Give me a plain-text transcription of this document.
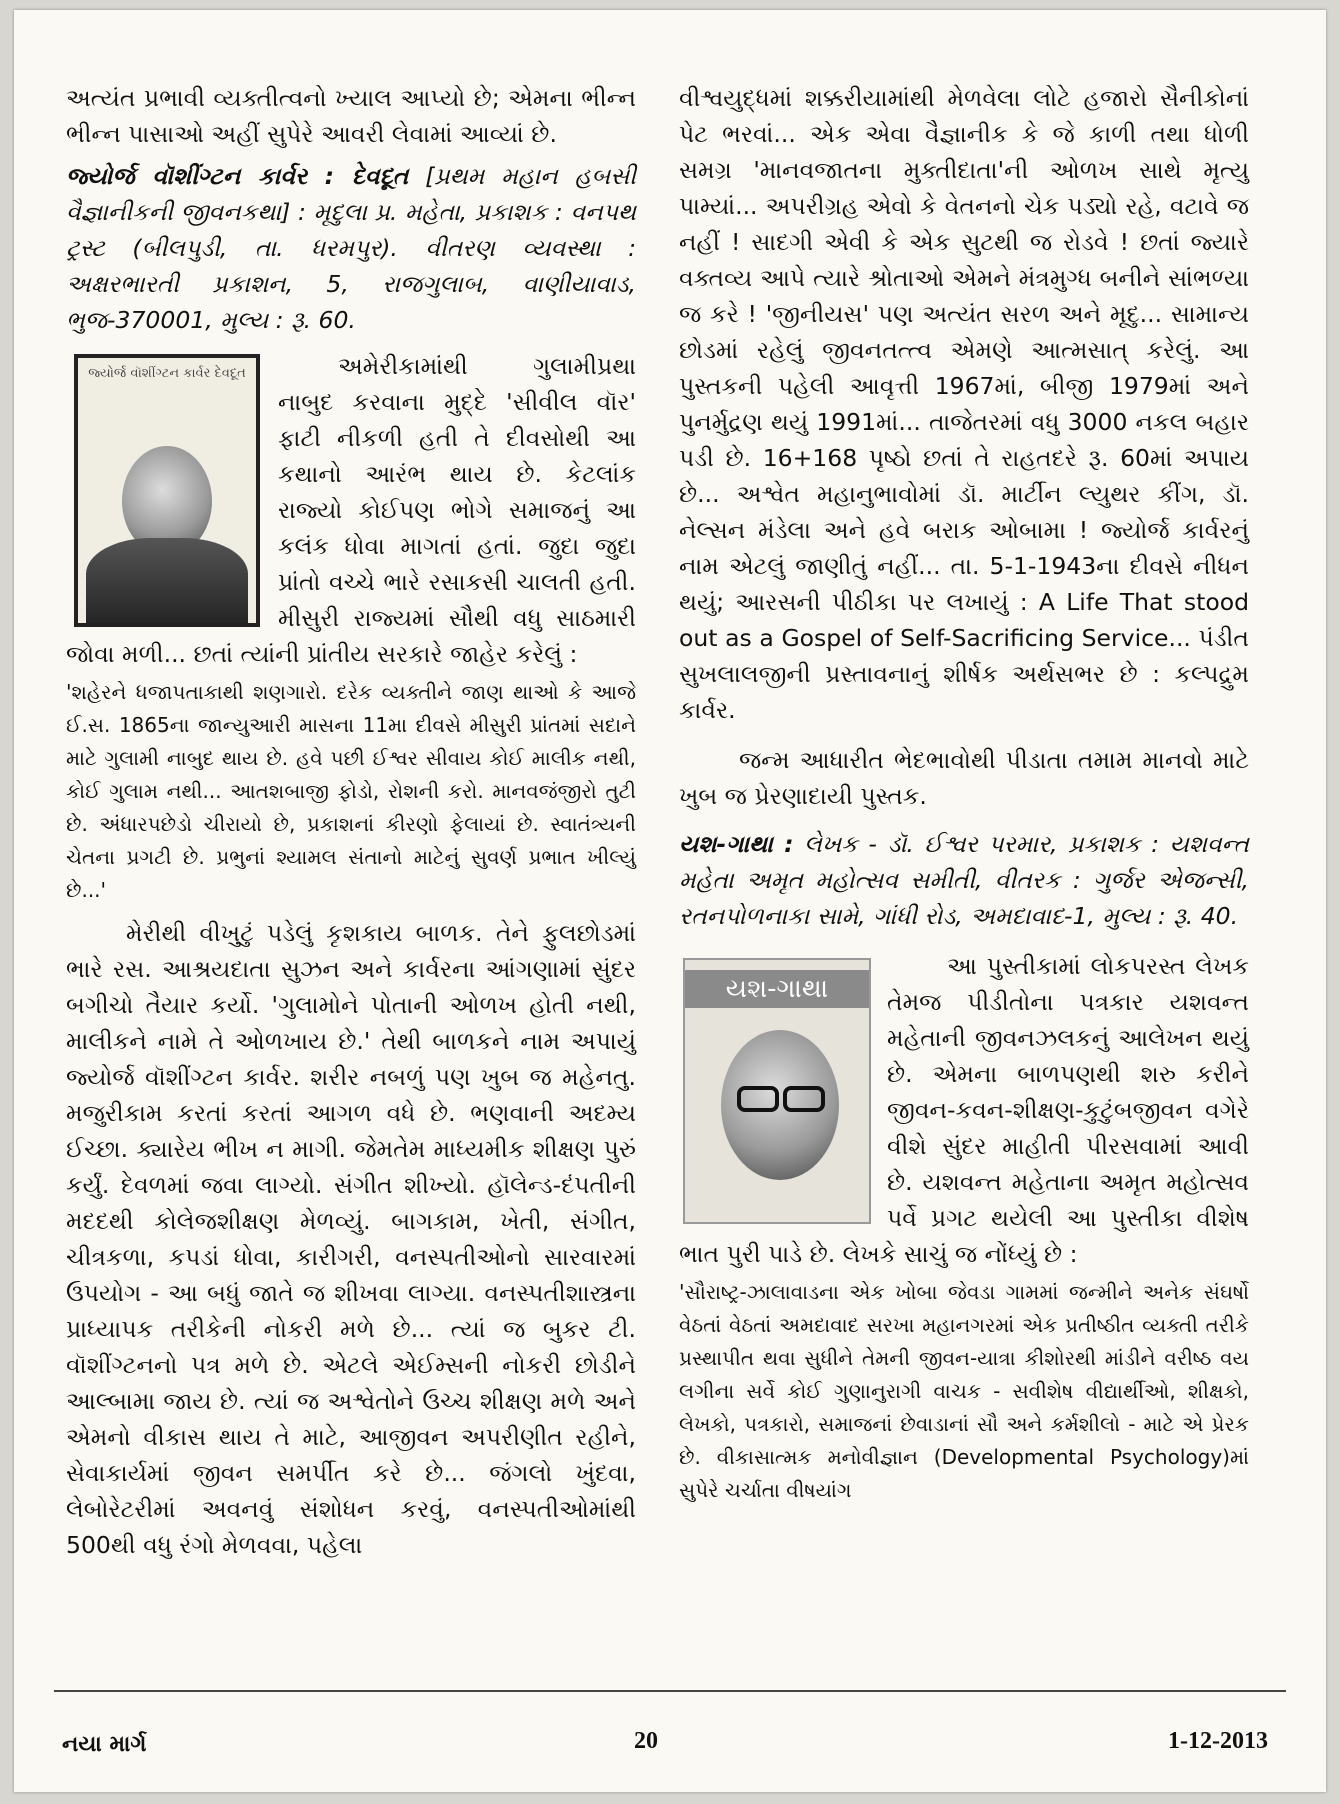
અત્યંત પ્રભાવી વ્યક્તીત્વનો ખ્યાલ આપ્યો છે; એમના ભીન્ન ભીન્ન પાસાઓ અહીં સુપેરે આવરી લેવામાં આવ્યાં છે.

જ્યોર્જ વૉશીંગ્ટન કાર્વર : દેવદૂત [પ્રથમ મહાન હબસી વૈજ્ઞાનીકની જીવનકથા] : મૃદુલા પ્ર. મહેતા, પ્રકાશક : વનપથ ટ્રસ્ટ (બીલપુડી, તા. ધરમપુર). વીતરણ વ્યવસ્થા : અક્ષરભારતી પ્રકાશન, 5, રાજગુલાબ, વાણીયાવાડ, ભુજ-370001, મુલ્ય : રૂ. 60.

જ્યોર્જ વૉશીંગ્ટન કાર્વર દેવદૂત	અમેરીકામાંથી ગુલામીપ્રથા નાબુદ કરવાના મુદ્દે 'સીવીલ વૉર' ફાટી નીકળી હતી તે દીવસોથી આ કથાનો આરંભ થાય છે. કેટલાંક રાજ્યો કોઈપણ ભોગે સમાજનું આ કલંક ધોવા માગતાં હતાં. જુદા જુદા પ્રાંતો વચ્ચે ભારે રસાકસી ચાલતી હતી. મીસુરી રાજ્યમાં સૌથી વધુ સાઠમારી જોવા મળી... છતાં ત્યાંની પ્રાંતીય સરકારે જાહેર કરેલું :

'શહેરને ધજાપતાકાથી શણગારો. દરેક વ્યક્તીને જાણ થાઓ કે આજે ઈ.સ. 1865ના જાન્યુઆરી માસના 11મા દીવસે મીસુરી પ્રાંતમાં સદાને માટે ગુલામી નાબુદ થાય છે. હવે પછી ઈશ્વર સીવાય કોઈ માલીક નથી, કોઈ ગુલામ નથી... આતશબાજી ફોડો, રોશની કરો. માનવજંજીરો તુટી છે. અંધારપછેડો ચીરાયો છે, પ્રકાશનાં કીરણો ફેલાયાં છે. સ્વાતંત્ર્યની ચેતના પ્રગટી છે. પ્રભુનાં શ્યામલ સંતાનો માટેનું સુવર્ણ પ્રભાત ખીલ્યું છે...'

મેરીથી વીખુટું પડેલું કૃશકાય બાળક. તેને ફુલછોડમાં ભારે રસ. આશ્રયદાતા સુઝન અને કાર્વરના આંગણામાં સુંદર બગીચો તૈયાર કર્યો. 'ગુલામોને પોતાની ઓળખ હોતી નથી, માલીકને નામે તે ઓળખાય છે.' તેથી બાળકને નામ અપાયું જ્યોર્જ વૉશીંગ્ટન કાર્વર. શરીર નબળું પણ ખુબ જ મહેનતુ. મજુરીકામ કરતાં કરતાં આગળ વધે છે. ભણવાની અદમ્ય ઈચ્છા. ક્યારેય ભીખ ન માગી. જેમતેમ માધ્યમીક શીક્ષણ પુરું કર્યું. દેવળમાં જવા લાગ્યો. સંગીત શીખ્યો. હૉલેન્ડ-દંપતીની મદદથી કોલેજશીક્ષણ મેળવ્યું. બાગકામ, ખેતી, સંગીત, ચીત્રકળા, કપડાં ધોવા, કારીગરી, વનસ્પતીઓનો સારવારમાં ઉપયોગ - આ બધું જાતે જ શીખવા લાગ્યા. વનસ્પતીશાસ્ત્રના પ્રાધ્યાપક તરીકેની નોકરી મળે છે... ત્યાં જ બુકર ટી. વૉશીંગ્ટનનો પત્ર મળે છે. એટલે એઈમ્સની નોકરી છોડીને આલ્બામા જાય છે. ત્યાં જ અશ્વેતોને ઉચ્ચ શીક્ષણ મળે અને એમનો વીકાસ થાય તે માટે, આજીવન અપરીણીત રહીને, સેવાકાર્યમાં જીવન સમર્પીત કરે છે... જંગલો ખુંદવા, લેબોરેટરીમાં અવનવું સંશોધન કરવું, વનસ્પતીઓમાંથી 500થી વધુ રંગો મેળવવા, પહેલા

વીશ્વયુદ્ધમાં શક્કરીયામાંથી મેળવેલા લોટે હજારો સૈનીકોનાં પેટ ભરવાં... એક એવા વૈજ્ઞાનીક કે જે કાળી તથા ધોળી સમગ્ર 'માનવજાતના મુક્તીદાતા'ની ઓળખ સાથે મૃત્યુ પામ્યાં... અપરીગ્રહ એવો કે વેતનનો ચેક પડ્યો રહે, વટાવે જ નહીં ! સાદગી એવી કે એક સુટથી જ રોડવે ! છતાં જ્યારે વક્તવ્ય આપે ત્યારે શ્રોતાઓ એમને મંત્રમુગ્ધ બનીને સાંભળ્યા જ કરે ! 'જીનીયસ' પણ અત્યંત સરળ અને મૃદુ... સામાન્ય છોડમાં રહેલું જીવનતત્ત્વ એમણે આત્મસાત્ કરેલું. આ પુસ્તકની પહેલી આવૃત્તી 1967માં, બીજી 1979માં અને પુનર્મુદ્રણ થયું 1991માં... તાજેતરમાં વધુ 3000 નકલ બહાર પડી છે. 16+168 પૃષ્ઠો છતાં તે રાહતદરે રૂ. 60માં અપાય છે... અશ્વેત મહાનુભાવોમાં ડૉ. માર્ટીન લ્યુથર કીંગ, ડૉ. નેલ્સન મંડેલા અને હવે બરાક ઓબામા ! જ્યોર્જ કાર્વરનું નામ એટલું જાણીતું નહીં... તા. 5-1-1943ના દીવસે નીધન થયું; આરસની પીઠીકા પર લખાયું : A Life That stood out as a Gospel of Self-Sacrificing Service... પંડીત સુખલાલજીની પ્રસ્તાવનાનું શીર્ષક અર્થસભર છે : કલ્પદ્રુમ કાર્વર.

જન્મ આધારીત ભેદભાવોથી પીડાતા તમામ માનવો માટે ખુબ જ પ્રેરણાદાયી પુસ્તક.

યશ-ગાથા : લેખક - ડૉ. ઈશ્વર પરમાર, પ્રકાશક : યશવન્ત મહેતા અમૃત મહોત્સવ સમીતી, વીતરક : ગુર્જર એજન્સી, રતનપોળનાકા સામે, ગાંધી રોડ, અમદાવાદ-1, મુલ્ય : રૂ. 40.

યશ-ગાથા

આ પુસ્તીકામાં લોકપરસ્ત લેખક તેમજ પીડીતોના પત્રકાર યશવન્ત મહેતાની જીવનઝલકનું આલેખન થયું છે. એમના બાળપણથી શરુ કરીને જીવન-કવન-શીક્ષણ-કુટુંબજીવન વગેરે વીશે સુંદર માહીતી પીરસવામાં આવી છે. યશવન્ત મહેતાના અમૃત મહોત્સવ પર્વે પ્રગટ થયેલી આ પુસ્તીકા વીશેષ ભાત પુરી પાડે છે. લેખકે સાચું જ નોંધ્યું છે :

'સૌરાષ્ટ્ર-ઝાલાવાડના એક ખોબા જેવડા ગામમાં જન્મીને અનેક સંઘર્ષો વેઠતાં વેઠતાં અમદાવાદ સરખા મહાનગરમાં એક પ્રતીષ્ઠીત વ્યક્તી તરીકે પ્રસ્થાપીત થવા સુધીને તેમની જીવન-યાત્રા કીશોરથી માંડીને વરીષ્ઠ વય લગીના સર્વે કોઈ ગુણાનુરાગી વાચક - સવીશેષ વીદ્યાર્થીઓ, શીક્ષકો, લેખકો, પત્રકારો, સમાજનાં છેવાડાનાં સૌ અને કર્મશીલો - માટે એ પ્રેરક છે. વીકાસાત્મક મનોવીજ્ઞાન (Developmental Psychology)માં સુપેરે ચર્ચાતા વીષયાંગ

નયા માર્ગ	20	1-12-2013
